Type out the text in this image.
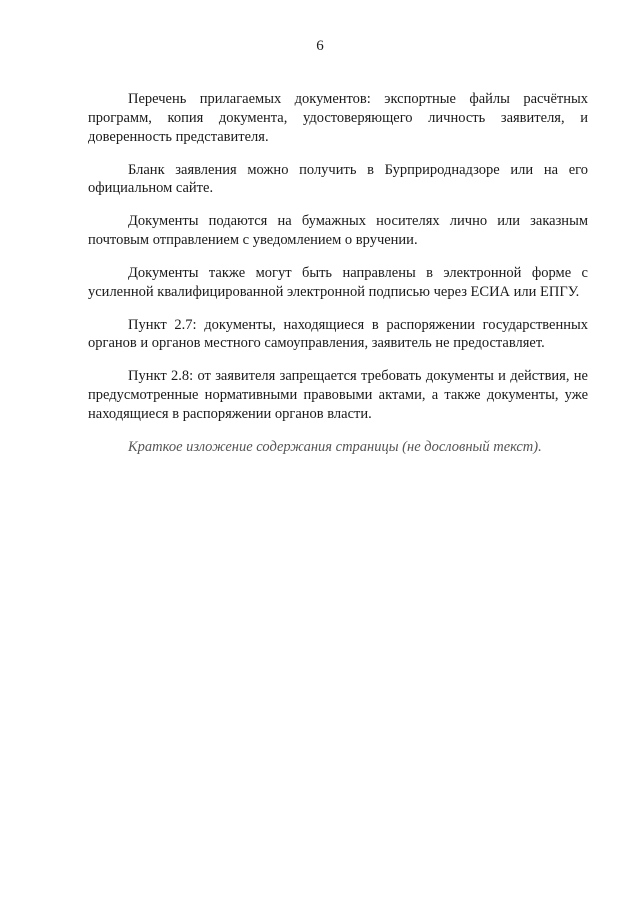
6

Перечень прилагаемых документов: экспортные файлы расчётных программ, копия документа, удостоверяющего личность заявителя, и доверенность представителя.

Бланк заявления можно получить в Бурприроднадзоре или на его официальном сайте.

Документы подаются на бумажных носителях лично или заказным почтовым отправлением с уведомлением о вручении.

Документы также могут быть направлены в электронной форме с усиленной квалифицированной электронной подписью через ЕСИА или ЕПГУ.

Пункт 2.7: документы, находящиеся в распоряжении государственных органов и органов местного самоуправления, заявитель не предоставляет.

Пункт 2.8: от заявителя запрещается требовать документы и действия, не предусмотренные нормативными правовыми актами, а также документы, уже находящиеся в распоряжении органов власти.

Краткое изложение содержания страницы (не дословный текст).
